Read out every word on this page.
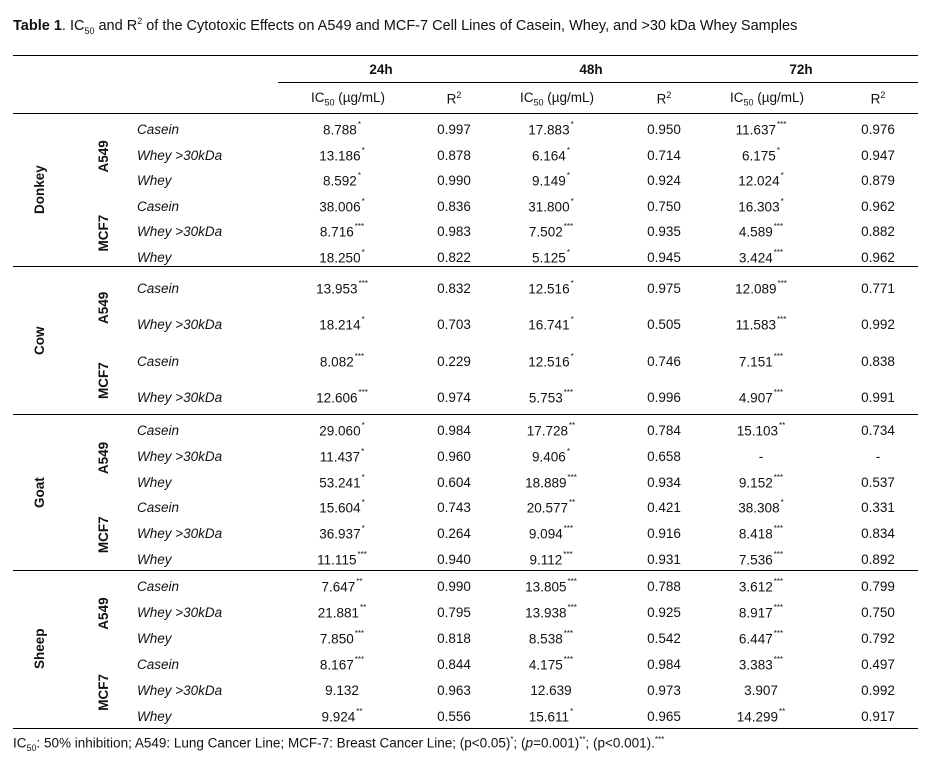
Table 1. $IC_{50}$ and $R^2$ of the Cytotoxic Effects on A549 and MCF-7 Cell Lines of Casein, Whey, and >30 kDa Whey Samples
24h	48h	72h
$IC_{50}$ (µg/mL)	$R^2$	$IC_{50}$ (µg/mL)	$R^2$	$IC_{50}$ (µg/mL)	$R^2$
Donkey
A549
Casein	8.788*	0.997	17.883*	0.950	11.637***	0.976
Whey >30kDa	13.186*	0.878	6.164*	0.714	6.175*	0.947
Whey	8.592*	0.990	9.149*	0.924	12.024*	0.879
MCF7
Casein	38.006*	0.836	31.800*	0.750	16.303*	0.962
Whey >30kDa	8.716***	0.983	7.502***	0.935	4.589***	0.882
Whey	18.250*	0.822	5.125*	0.945	3.424***	0.962
Cow
A549
Casein	13.953***	0.832	12.516*	0.975	12.089***	0.771
Whey >30kDa	18.214*	0.703	16.741*	0.505	11.583***	0.992
MCF7
Casein	8.082***	0.229	12.516*	0.746	7.151***	0.838
Whey >30kDa	12.606***	0.974	5.753***	0.996	4.907***	0.991
Goat
A549
Casein	29.060*	0.984	17.728**	0.784	15.103**	0.734
Whey >30kDa	11.437*	0.960	9.406*	0.658	-	-
Whey	53.241*	0.604	18.889***	0.934	9.152***	0.537
MCF7
Casein	15.604*	0.743	20.577**	0.421	38.308*	0.331
Whey >30kDa	36.937*	0.264	9.094***	0.916	8.418***	0.834
Whey	11.115***	0.940	9.112***	0.931	7.536***	0.892
Sheep
A549
Casein	7.647**	0.990	13.805***	0.788	3.612***	0.799
Whey >30kDa	21.881**	0.795	13.938***	0.925	8.917***	0.750
Whey	7.850***	0.818	8.538***	0.542	6.447***	0.792
MCF7
Casein	8.167***	0.844	4.175***	0.984	3.383***	0.497
Whey >30kDa	9.132	0.963	12.639	0.973	3.907	0.992
Whey	9.924**	0.556	15.611*	0.965	14.299**	0.917
$IC_{50}$: 50% inhibition; A549: Lung Cancer Line; MCF-7: Breast Cancer Line; (p<0.05)*; (p=0.001)**; (p<0.001).***
